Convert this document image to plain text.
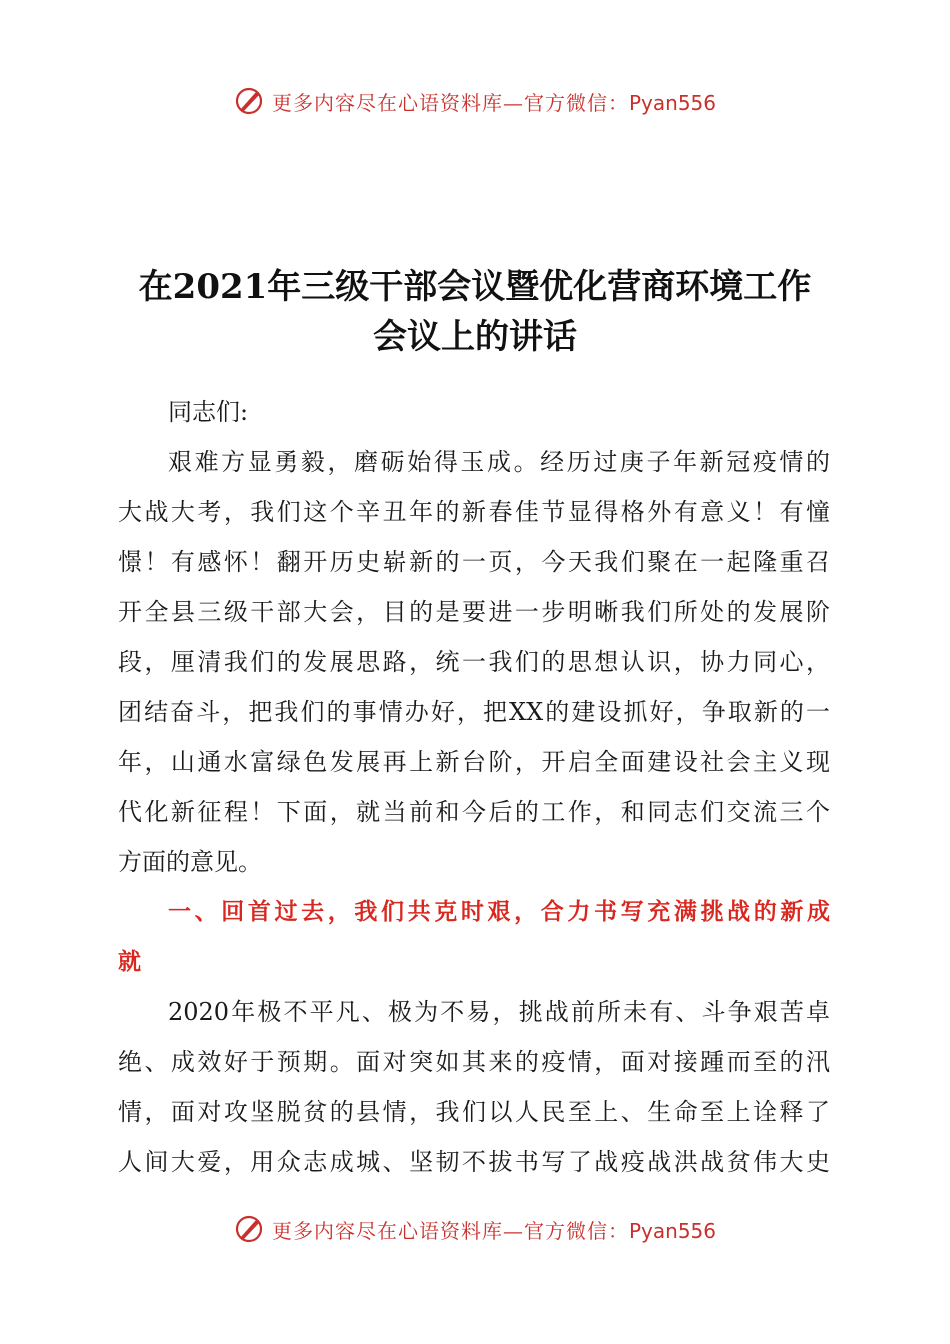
更多内容尽在心语资料库—官方微信：Pyan556
在2021年三级干部会议暨优化营商环境工作
会议上的讲话
同志们:
艰难方显勇毅，磨砺始得玉成。经历过庚子年新冠疫情的
大战大考，我们这个辛丑年的新春佳节显得格外有意义！有憧
憬！有感怀！翻开历史崭新的一页，今天我们聚在一起隆重召
开全县三级干部大会，目的是要进一步明晰我们所处的发展阶
段，厘清我们的发展思路，统一我们的思想认识，协力同心，
团结奋斗，把我们的事情办好，把XX的建设抓好，争取新的一
年，山通水富绿色发展再上新台阶，开启全面建设社会主义现
代化新征程！下面，就当前和今后的工作，和同志们交流三个
方面的意见。
一、回首过去，我们共克时艰，合力书写充满挑战的新成
就
2020年极不平凡、极为不易，挑战前所未有、斗争艰苦卓
绝、成效好于预期。面对突如其来的疫情，面对接踵而至的汛
情，面对攻坚脱贫的县情，我们以人民至上、生命至上诠释了
人间大爱，用众志成城、坚韧不拔书写了战疫战洪战贫伟大史
更多内容尽在心语资料库—官方微信：Pyan556
